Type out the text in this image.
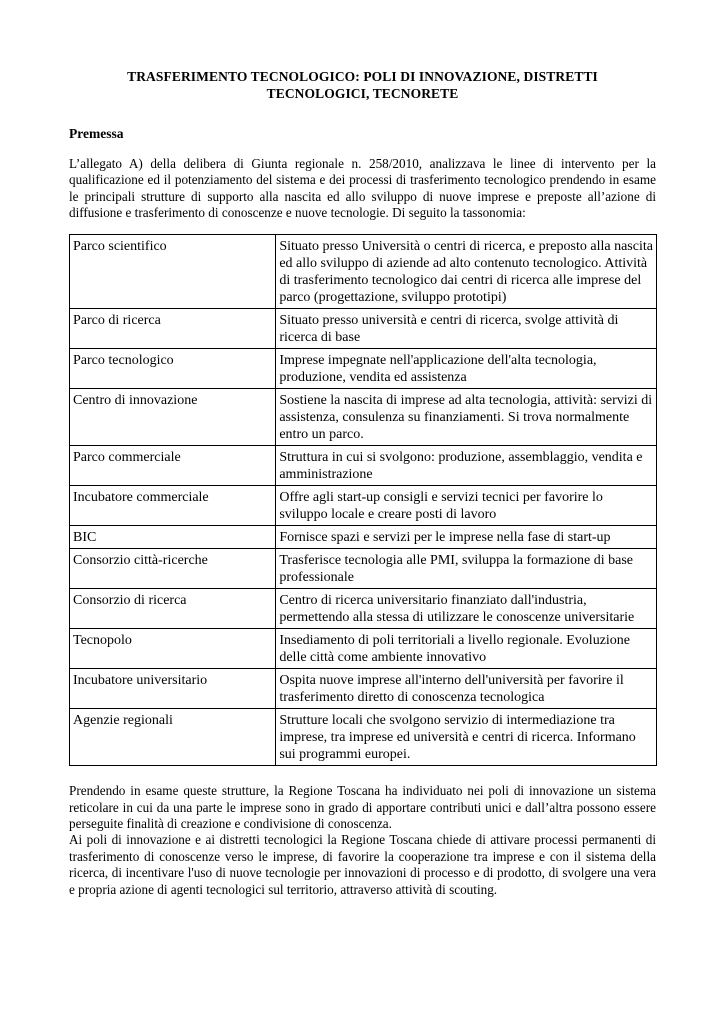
TRASFERIMENTO TECNOLOGICO: POLI DI INNOVAZIONE, DISTRETTI
TECNOLOGICI, TECNORETE
Premessa
L’allegato A) della delibera di Giunta regionale n. 258/2010, analizzava le linee di intervento per la qualificazione ed il potenziamento del sistema e dei processi di trasferimento tecnologico prendendo in esame le principali strutture di supporto alla nascita ed allo sviluppo di nuove imprese e preposte all’azione di diffusione e trasferimento di conoscenze e nuove tecnologie. Di seguito la tassonomia:
Parco scientifico	Situato presso Università o centri di ricerca, e preposto alla nascita ed allo sviluppo di aziende ad alto contenuto tecnologico. Attività di trasferimento tecnologico dai centri di ricerca alle imprese del parco (progettazione, sviluppo prototipi)
Parco di ricerca	Situato presso università e centri di ricerca, svolge attività di ricerca di base
Parco tecnologico	Imprese impegnate nell'applicazione dell'alta tecnologia, produzione, vendita ed assistenza
Centro di innovazione	Sostiene la nascita di imprese ad alta tecnologia, attività: servizi di assistenza, consulenza su finanziamenti. Si trova normalmente entro un parco.
Parco commerciale	Struttura in cui si svolgono: produzione, assemblaggio, vendita e amministrazione
Incubatore commerciale	Offre agli start-up consigli e servizi tecnici per favorire lo sviluppo locale e creare posti di lavoro
BIC	Fornisce spazi e servizi per le imprese nella fase di start-up
Consorzio città-ricerche	Trasferisce tecnologia alle PMI, sviluppa la formazione di base professionale
Consorzio di ricerca	Centro di ricerca universitario finanziato dall'industria, permettendo alla stessa di utilizzare le conoscenze universitarie
Tecnopolo	Insediamento di poli territoriali a livello regionale. Evoluzione delle città come ambiente innovativo
Incubatore universitario	Ospita nuove imprese all'interno dell'università per favorire il trasferimento diretto di conoscenza tecnologica
Agenzie regionali	Strutture locali che svolgono servizio di intermediazione tra imprese, tra imprese ed università e centri di ricerca. Informano sui programmi europei.

Prendendo in esame queste strutture, la Regione Toscana ha individuato nei poli di innovazione un sistema reticolare in cui da una parte le imprese sono in grado di apportare contributi unici e dall’altra possono essere perseguite finalità di creazione e condivisione di conoscenza.

Ai poli di innovazione e ai distretti tecnologici la Regione Toscana chiede di attivare processi permanenti di trasferimento di conoscenze verso le imprese, di favorire la cooperazione tra imprese e con il sistema della ricerca, di incentivare l'uso di nuove tecnologie per innovazioni di processo e di prodotto, di svolgere una vera e propria azione di agenti tecnologici sul territorio, attraverso attività di scouting.
